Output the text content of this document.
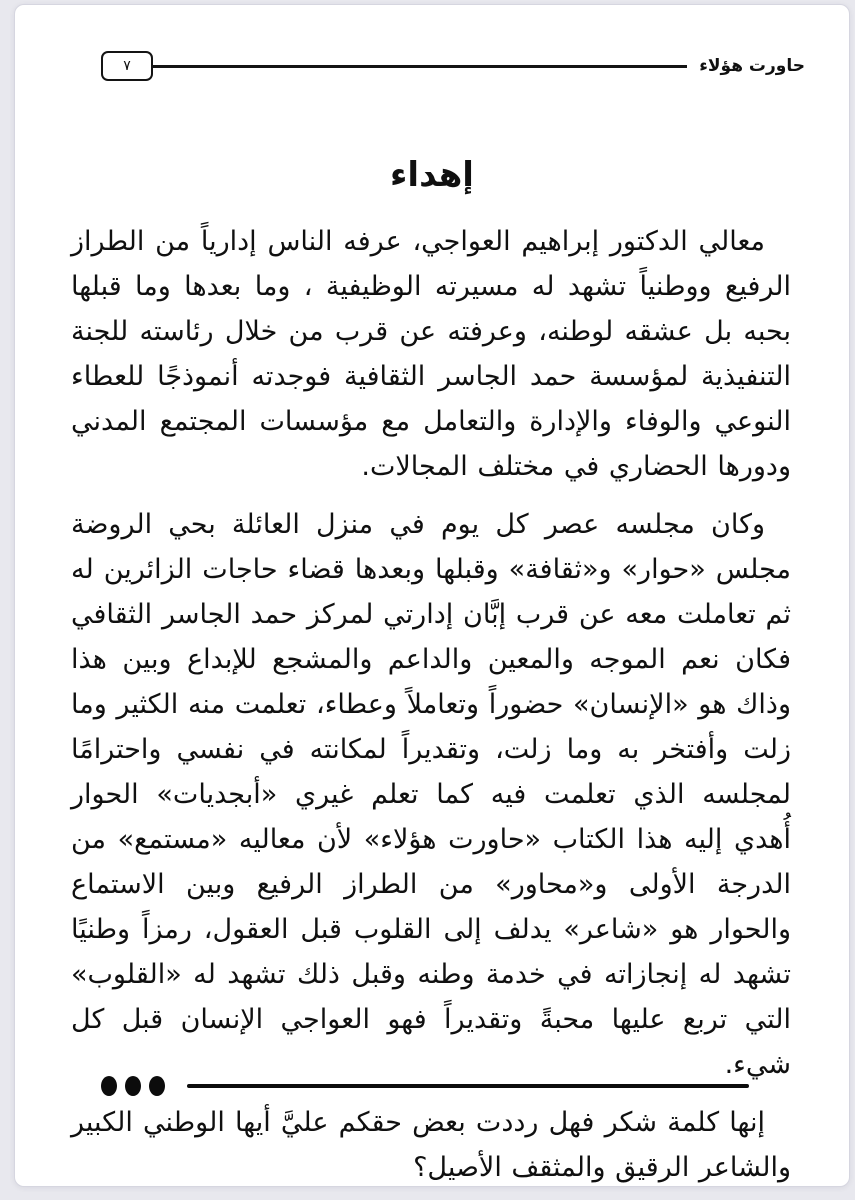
حاورت هؤلاء
٧
إهداء

معالي الدكتور إبراهيم العواجي، عرفه الناس إدارياً من الطراز الرفيع ووطنياً تشهد له مسيرته الوظيفية ، وما بعدها وما قبلها بحبه بل عشقه لوطنه، وعرفته عن قرب من خلال رئاسته للجنة التنفيذية لمؤسسة حمد الجاسر الثقافية فوجدته أنموذجًا للعطاء النوعي والوفاء والإدارة والتعامل مع مؤسسات المجتمع المدني ودورها الحضاري في مختلف المجالات.

وكان مجلسه عصر كل يوم في منزل العائلة بحي الروضة مجلس «حوار» و«ثقافة» وقبلها وبعدها قضاء حاجات الزائرين له ثم تعاملت معه عن قرب إبَّان إدارتي لمركز حمد الجاسر الثقافي فكان نعم الموجه والمعين والداعم والمشجع للإبداع وبين هذا وذاك هو «الإنسان» حضوراً وتعاملاً وعطاء، تعلمت منه الكثير وما زلت وأفتخر به وما زلت، وتقديراً لمكانته في نفسي واحترامًا لمجلسه الذي تعلمت فيه كما تعلم غيري «أبجديات» الحوار أُهدي إليه هذا الكتاب «حاورت هؤلاء» لأن معاليه «مستمع» من الدرجة الأولى و«محاور» من الطراز الرفيع وبين الاستماع والحوار هو «شاعر» يدلف إلى القلوب قبل العقول، رمزاً وطنيًا تشهد له إنجازاته في خدمة وطنه وقبل ذلك تشهد له «القلوب» التي تربع عليها محبةً وتقديراً فهو العواجي الإنسان قبل كل شيء.

إنها كلمة شكر فهل رددت بعض حقكم عليَّ أيها الوطني الكبير والشاعر الرقيق والمثقف الأصيل؟
